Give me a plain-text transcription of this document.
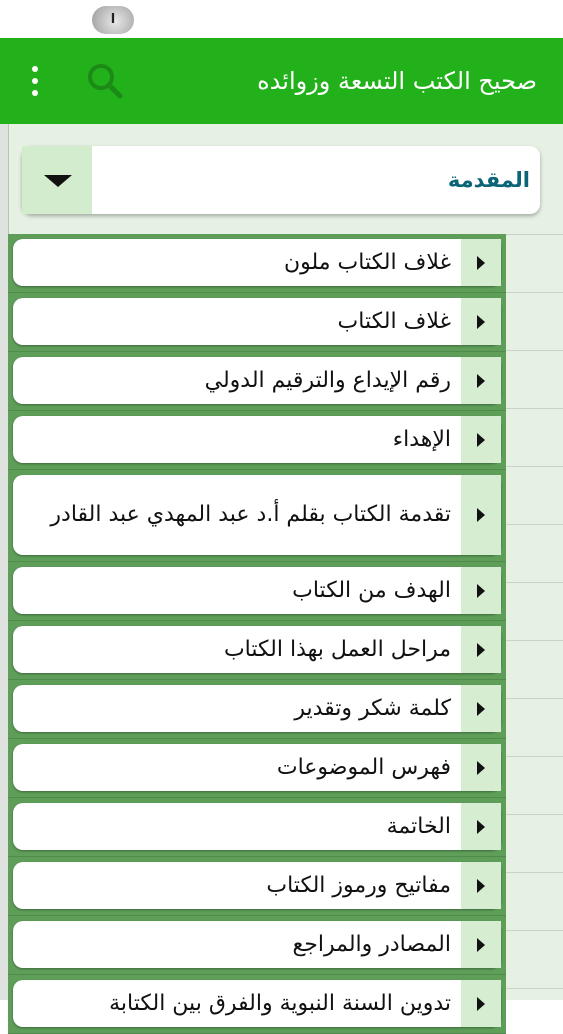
ا
صحيح الكتب التسعة وزوائده
المقدمة
غلاف الكتاب ملون
غلاف الكتاب
رقم الإيداع والترقيم الدولي
الإهداء
تقدمة الكتاب بقلم أ.د عبد المهدي عبد القادر
الهدف من الكتاب
مراحل العمل بهذا الكتاب
كلمة شكر وتقدير
فهرس الموضوعات
الخاتمة
مفاتيح ورموز الكتاب
المصادر والمراجع
تدوين السنة النبوية والفرق بين الكتابة
